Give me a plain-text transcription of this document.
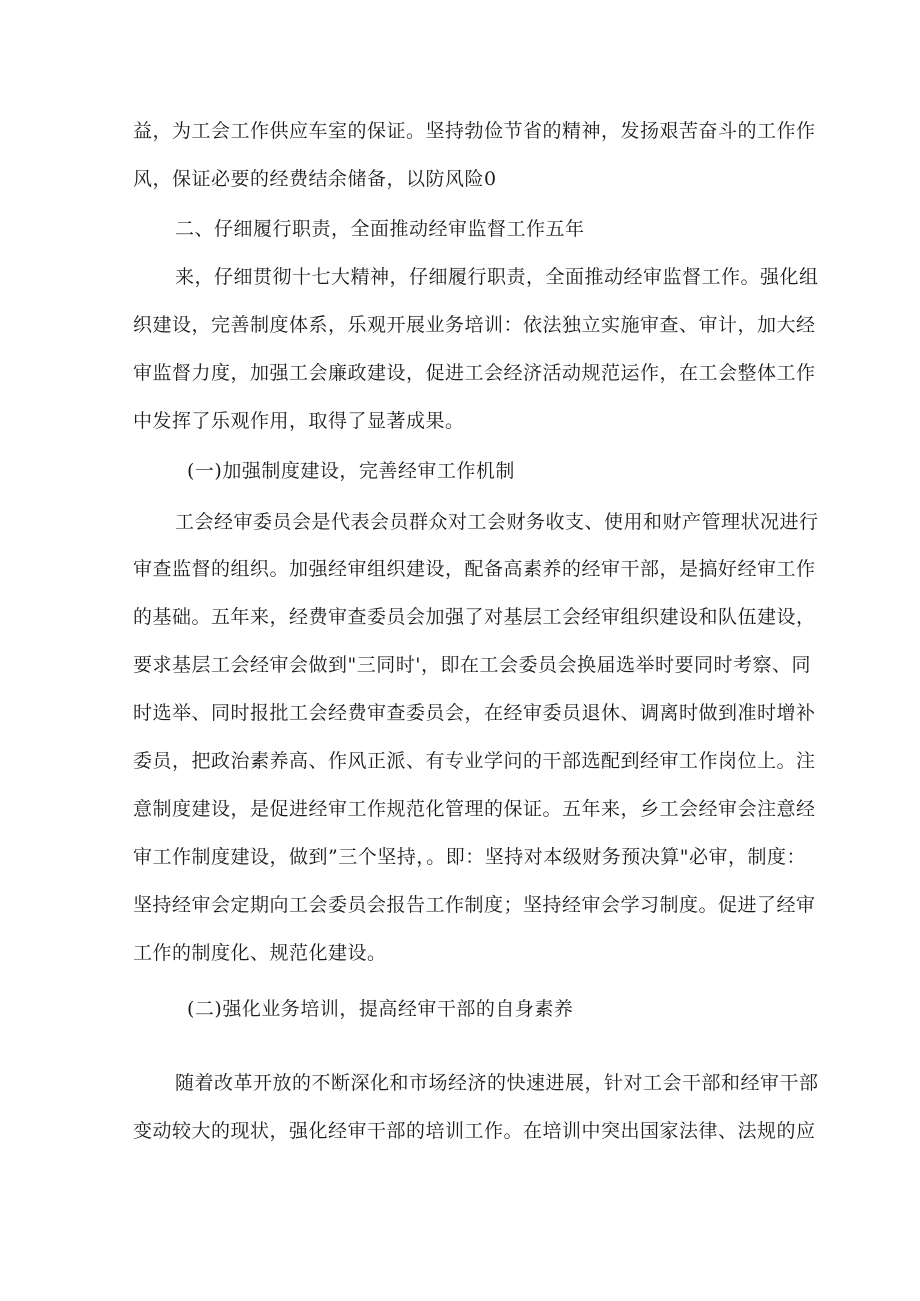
益，为工会工作供应车室的保证。坚持勃俭节省的精神，发扬艰苦奋斗的工作作
风，保证必要的经费结余储备，以防风险0
二、仔细履行职责，全面推动经审监督工作五年
来，仔细贯彻十七大精神，仔细履行职责，全面推动经审监督工作。强化组
织建设，完善制度体系，乐观开展业务培训：依法独立实施审查、审计，加大经
审监督力度，加强工会廉政建设，促进工会经济活动规范运作，在工会整体工作
中发挥了乐观作用，取得了显著成果。
(一)加强制度建设，完善经审工作机制
工会经审委员会是代表会员群众对工会财务收支、使用和财产管理状况进行
审查监督的组织。加强经审组织建设，配备高素养的经审干部，是搞好经审工作
的基础。五年来，经费审查委员会加强了对基层工会经审组织建设和队伍建设，
要求基层工会经审会做到"三同时'，即在工会委员会换届选举时要同时考察、同
时选举、同时报批工会经费审查委员会，在经审委员退休、调离时做到准时增补
委员，把政治素养高、作风正派、有专业学问的干部选配到经审工作岗位上。注
意制度建设，是促进经审工作规范化管理的保证。五年来，乡工会经审会注意经
审工作制度建设，做到”三个坚持，。即：坚持对本级财务预决算"必审，制度：
坚持经审会定期向工会委员会报告工作制度；坚持经审会学习制度。促进了经审
工作的制度化、规范化建设。
(二)强化业务培训，提高经审干部的自身素养
随着改革开放的不断深化和市场经济的快速进展，针对工会干部和经审干部
变动较大的现状，强化经审干部的培训工作。在培训中突出国家法律、法规的应
